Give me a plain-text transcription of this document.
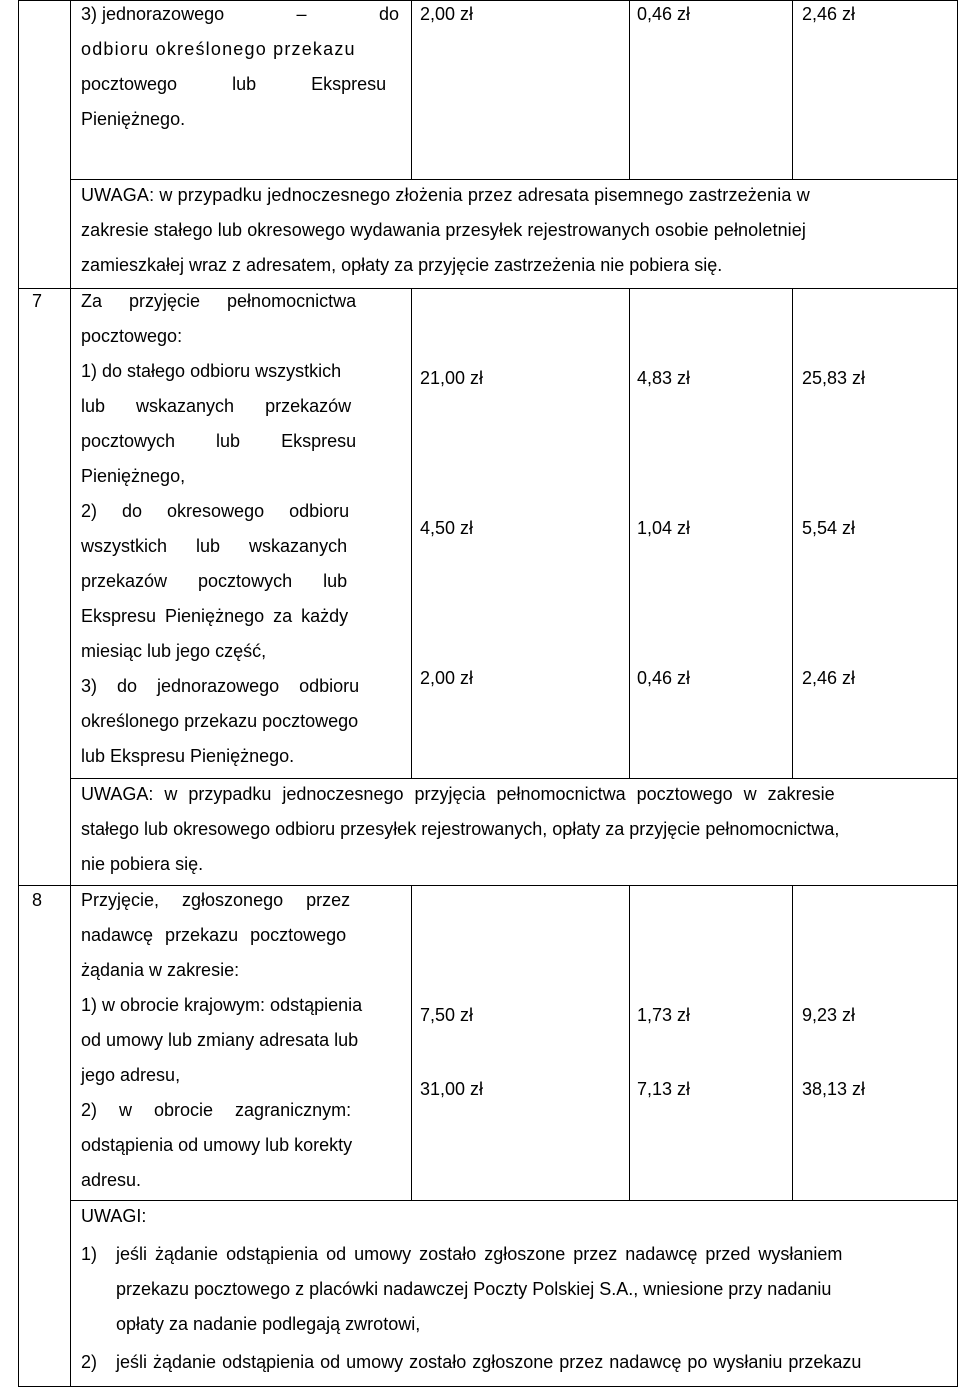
3) jednorazowego	–	do
odbioru określonego przekazu
pocztowego lub Ekspresu
Pieniężnego.
2,00 zł	0,46 zł	2,46 zł
UWAGA: w przypadku jednoczesnego złożenia przez adresata pisemnego zastrzeżenia w
zakresie stałego lub okresowego wydawania przesyłek rejestrowanych osobie pełnoletniej
zamieszkałej wraz z adresatem, opłaty za przyjęcie zastrzeżenia nie pobiera się.
7 Za przyjęcie pełnomocnictwa
pocztowego:
1) do stałego odbioru wszystkich
lub wskazanych przekazów
pocztowych lub Ekspresu
Pieniężnego,
2) do okresowego odbioru
wszystkich lub wskazanych
przekazów pocztowych lub
Ekspresu Pieniężnego za każdy
miesiąc lub jego część,
3) do jednorazowego odbioru
określonego przekazu pocztowego
lub Ekspresu Pieniężnego.
21,00 zł	4,83 zł	25,83 zł
4,50 zł	1,04 zł	5,54 zł
2,00 zł	0,46 zł	2,46 zł
UWAGA: w przypadku jednoczesnego przyjęcia pełnomocnictwa pocztowego w zakresie
stałego lub okresowego odbioru przesyłek rejestrowanych, opłaty za przyjęcie pełnomocnictwa,
nie pobiera się.
8 Przyjęcie, zgłoszonego przez
nadawcę przekazu pocztowego
żądania w zakresie:
1) w obrocie krajowym: odstąpienia
od umowy lub zmiany adresata lub
jego adresu,
2) w obrocie zagranicznym:
odstąpienia od umowy lub korekty
adresu.
7,50 zł	1,73 zł	9,23 zł
31,00 zł	7,13 zł	38,13 zł
UWAGI:
1) jeśli żądanie odstąpienia od umowy zostało zgłoszone przez nadawcę przed wysłaniem
przekazu pocztowego z placówki nadawczej Poczty Polskiej S.A., wniesione przy nadaniu
opłaty za nadanie podlegają zwrotowi,
2) jeśli żądanie odstąpienia od umowy zostało zgłoszone przez nadawcę po wysłaniu przekazu
